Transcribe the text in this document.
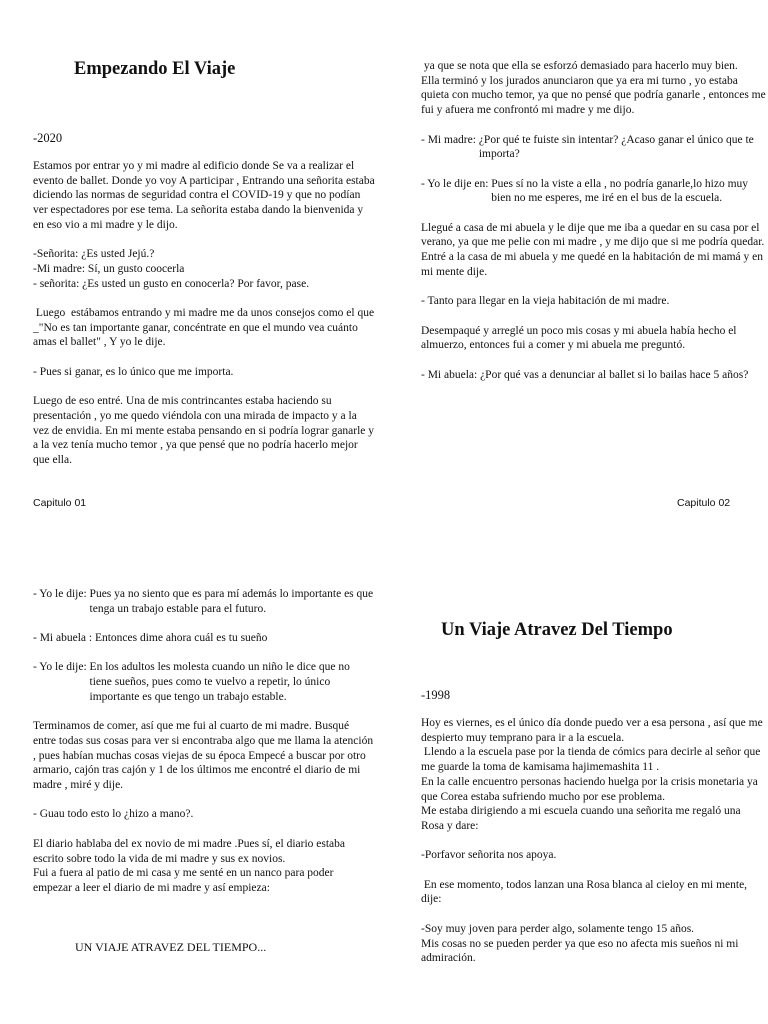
Empezando El Viaje
-2020

Estamos por entrar yo y mi madre al edificio donde Se va a realizar el evento de ballet. Donde yo voy A participar , Entrando una señorita estaba diciendo las normas de seguridad contra el COVID-19 y que no podían ver espectadores por ese tema. La señorita estaba dando la bienvenida y en eso vio a mi madre y le dijo.

-Señorita: ¿Es usted Jejú.?
-Mi madre: Sí, un gusto coocerla

- señorita: ¿Es usted un gusto en conocerla? Por favor, pase.

Luego  estábamos entrando y mi madre me da unos consejos como el que _"No es tan importante ganar, concéntrate en que el mundo vea cuánto amas el ballet" , Y yo le dije.

- Pues si ganar, es lo único que me importa.

Luego de eso entré. Una de mis contrincantes estaba haciendo su presentación , yo me quedo viéndola con una mirada de impacto y a la vez de envidia. En mi mente estaba pensando en si podría lograr ganarle y a la vez tenía mucho temor , ya que pensé que no podría hacerlo mejor que ella.

Capitulo 01
ya que se nota que ella se esforzó demasiado para hacerlo muy bien.

Ella terminó y los jurados anunciaron que ya era mi turno , yo estaba quieta con mucho temor, ya que no pensé que podría ganarle , entonces me fui y afuera me confrontó mi madre y me dijo.

- Mi madre: ¿Por qué te fuiste sin intentar? ¿Acaso ganar el único que te importa?
- Yo le dije en: Pues sí no la viste a ella , no podría ganarle,lo hizo muy bien no me esperes, me iré en el bus de la escuela.
Llegué a casa de mi abuela y le dije que me iba a quedar en su casa por el verano, ya que me pelie con mi madre , y me dijo que si me podría quedar.

Entré a la casa de mi abuela y me quedé en la habitación de mi mamá y en mi mente dije.

- Tanto para llegar en la vieja habitación de mi madre.

Desempaqué y arreglé un poco mis cosas y mi abuela había hecho el almuerzo, entonces fui a comer y mi abuela me preguntó.

- Mi abuela: ¿Por qué vas a denunciar al ballet si lo bailas hace 5 años?
Capitulo 02
- Yo le dije: Pues ya no siento que es para mí además lo importante es que tenga un trabajo estable para el futuro.
- Mi abuela : Entonces dime ahora cuál es tu sueño
- Yo le dije: En los adultos les molesta cuando un niño le dice que no tiene sueños, pues como te vuelvo a repetir, lo único importante es que tengo un trabajo estable.

Terminamos de comer, así que me fui al cuarto de mi madre. Busqué entre todas sus cosas para ver si encontraba algo que me llama la atención , pues habían muchas cosas viejas de su época Empecé a buscar por otro armario, cajón tras cajón y 1 de los últimos me encontré el diario de mi madre , miré y dije.

- Guau todo esto lo ¿hizo a mano?.

El diario hablaba del ex novio de mi madre .Pues sí, el diario estaba escrito sobre todo la vida de mi madre y sus ex novios.

Fui a fuera al patio de mi casa y me senté en un nanco para poder empezar a leer el diario de mi madre y así empieza:

UN VIAJE ATRAVEZ DEL TIEMPO...
Un Viaje Atravez Del Tiempo
-1998
Hoy es viernes, es el único día donde puedo ver a esa persona , así que me despierto muy temprano para ir a la escuela.
Llendo a la escuela pase por la tienda de cómics para decirle al señor que me guarde la toma de kamisama hajimemashita 11 .
En la calle encuentro personas haciendo huelga por la crisis monetaria ya que Corea estaba sufriendo mucho por ese problema.

Me estaba dirigiendo a mi escuela cuando una señorita me regaló una Rosa y dare:

-Porfavor señorita nos apoya.

En ese momento, todos lanzan una Rosa blanca al cieloy en mi mente, dije:

-Soy muy joven para perder algo, solamente tengo 15 años.
Mis cosas no se pueden perder ya que eso no afecta mis sueños ni mi admiración.
